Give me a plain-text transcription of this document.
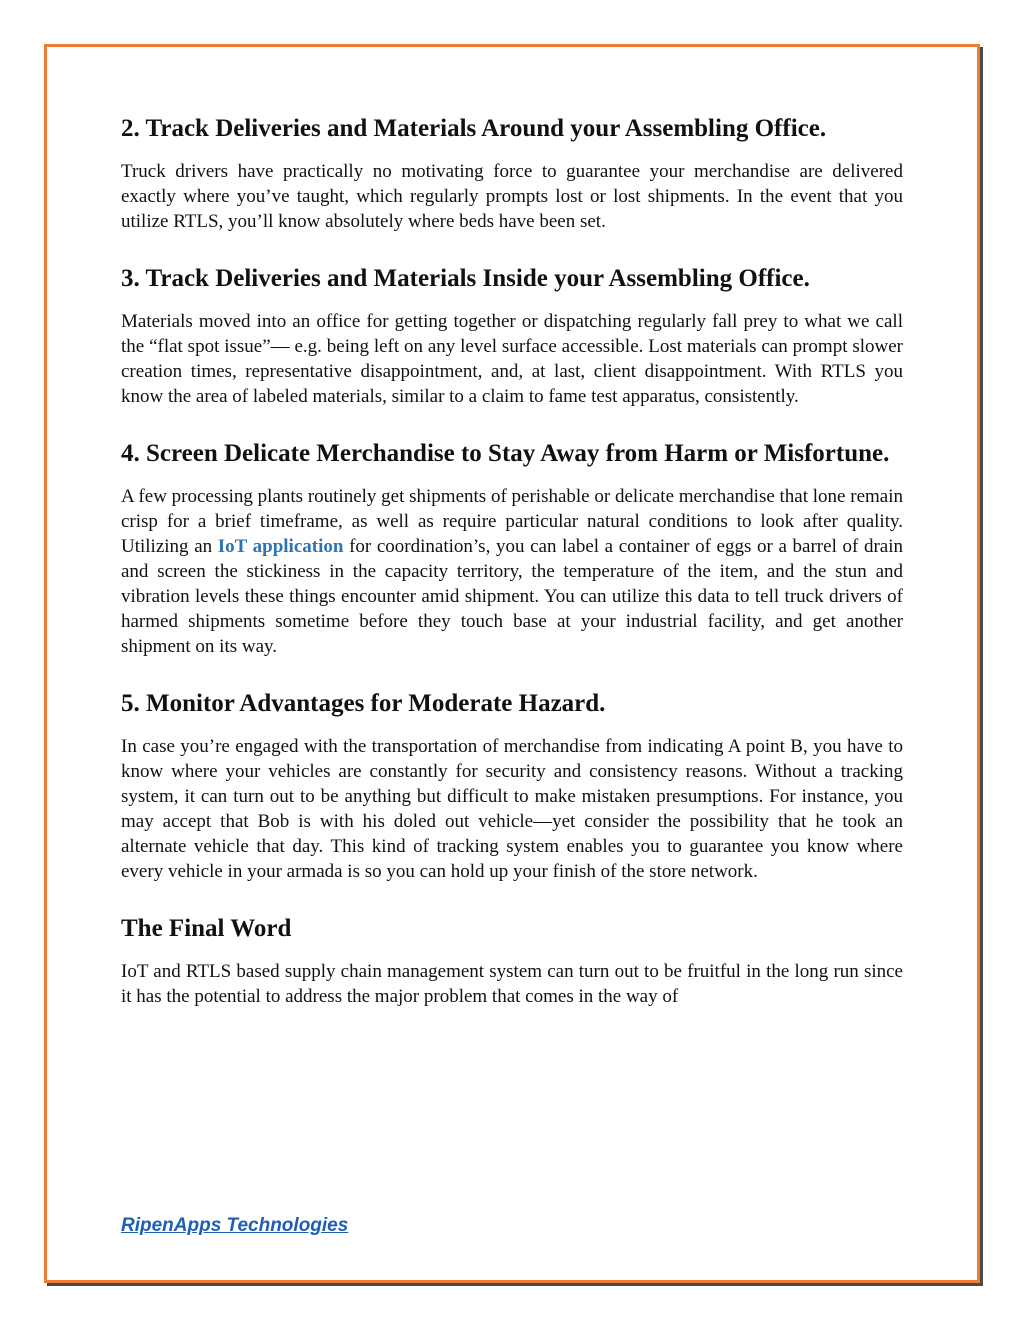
2. Track Deliveries and Materials Around your Assembling Office.

Truck drivers have practically no motivating force to guarantee your merchandise are delivered exactly where you’ve taught, which regularly prompts lost or lost shipments. In the event that you utilize RTLS, you’ll know absolutely where beds have been set.

3. Track Deliveries and Materials Inside your Assembling Office.

Materials moved into an office for getting together or dispatching regularly fall prey to what we call the “flat spot issue”— e.g. being left on any level surface accessible. Lost materials can prompt slower creation times, representative disappointment, and, at last, client disappointment. With RTLS you know the area of labeled materials, similar to a claim to fame test apparatus, consistently.

4. Screen Delicate Merchandise to Stay Away from Harm or Misfortune.

A few processing plants routinely get shipments of perishable or delicate merchandise that lone remain crisp for a brief timeframe, as well as require particular natural conditions to look after quality.

Utilizing an IoT application for coordination’s, you can label a container of eggs or a barrel of drain and screen the stickiness in the capacity territory, the temperature of the item, and the stun and vibration levels these things encounter amid shipment. You can utilize this data to tell truck drivers of harmed shipments sometime before they touch base at your industrial facility, and get another shipment on its way.

5. Monitor Advantages for Moderate Hazard.

In case you’re engaged with the transportation of merchandise from indicating A point B, you have to know where your vehicles are constantly for security and consistency reasons. Without a tracking system, it can turn out to be anything but difficult to make mistaken presumptions. For instance, you may accept that Bob is with his doled out vehicle—yet consider the possibility that he took an alternate vehicle that day. This kind of tracking system enables you to guarantee you know where every vehicle in your armada is so you can hold up your finish of the store network.

The Final Word

IoT and RTLS based supply chain management system can turn out to be fruitful in the long run since it has the potential to address the major problem that comes in the way of

RipenApps Technologies
